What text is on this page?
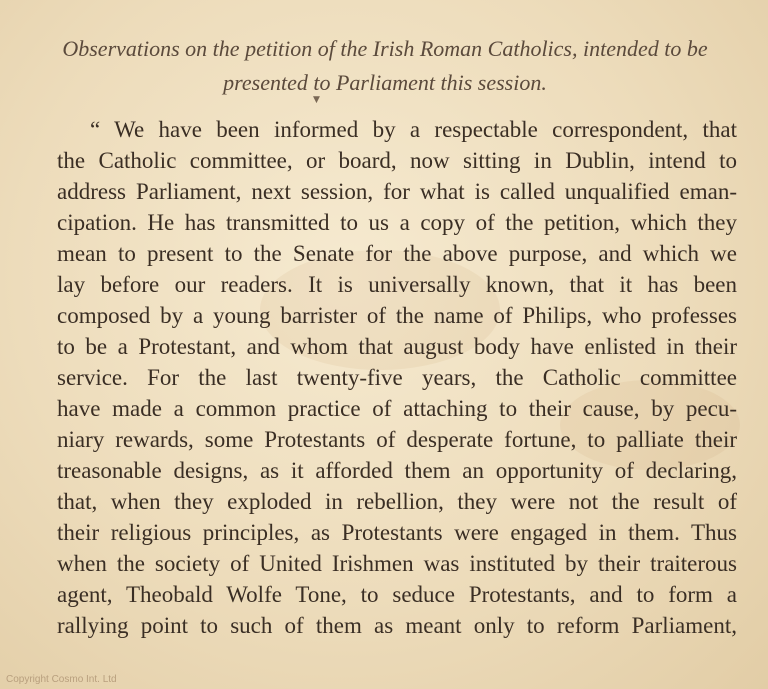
Observations on the petition of the Irish Roman Catholics, intended to be
presented to Parliament this session.
▼
“ We have been informed by a respectable correspondent, that
the Catholic committee, or board, now sitting in Dublin, intend to
address Parliament, next session, for what is called unqualified eman-
cipation. He has transmitted to us a copy of the petition, which they
mean to present to the Senate for the above purpose, and which we
lay before our readers. It is universally known, that it has been
composed by a young barrister of the name of Philips, who professes
to be a Protestant, and whom that august body have enlisted in their
service. For the last twenty-five years, the Catholic committee
have made a common practice of attaching to their cause, by pecu-
niary rewards, some Protestants of desperate fortune, to palliate their
treasonable designs, as it afforded them an opportunity of declaring,
that, when they exploded in rebellion, they were not the result of
their religious principles, as Protestants were engaged in them. Thus
when the society of United Irishmen was instituted by their traiterous
agent, Theobald Wolfe Tone, to seduce Protestants, and to form a
rallying point to such of them as meant only to reform Parliament,
Copyright Cosmo Int. Ltd
